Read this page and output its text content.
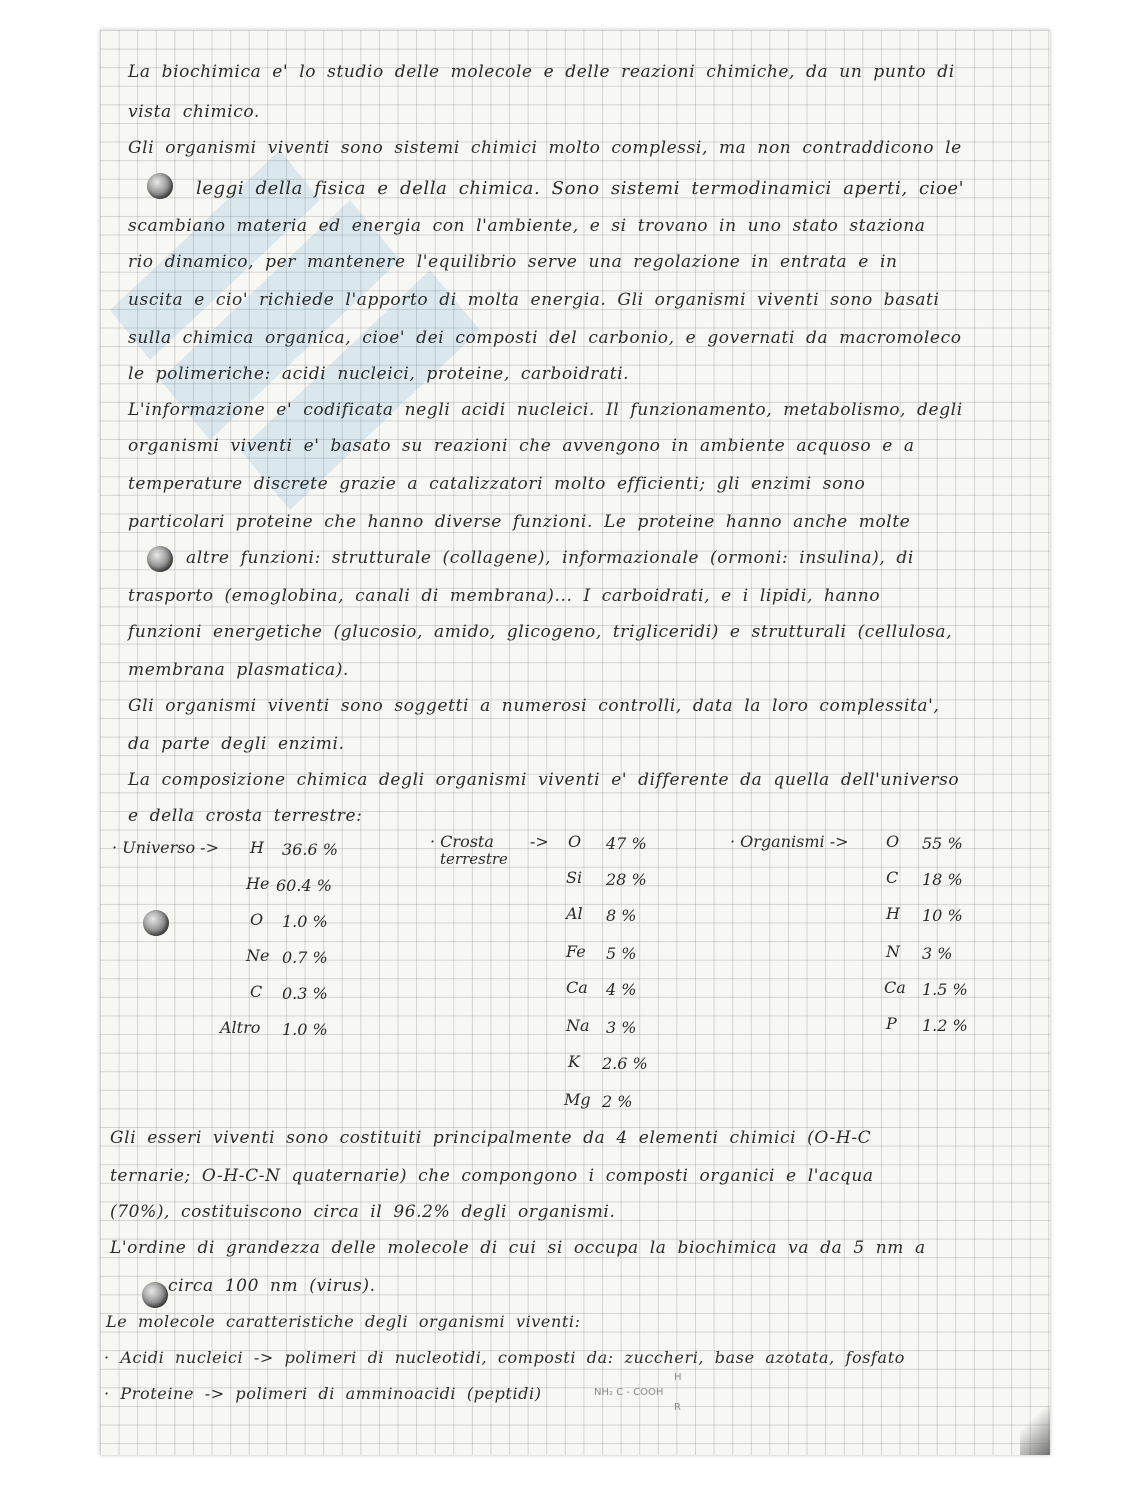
La biochimica e' lo studio delle molecole e delle reazioni chimiche, da un punto di
vista chimico.
Gli organismi viventi sono sistemi chimici molto complessi, ma non contraddicono le
leggi della fisica e della chimica. Sono sistemi termodinamici aperti, cioe'
scambiano materia ed energia con l'ambiente, e si trovano in uno stato staziona
rio dinamico, per mantenere l'equilibrio serve una regolazione in entrata e in
uscita e cio' richiede l'apporto di molta energia. Gli organismi viventi sono basati
sulla chimica organica, cioe' dei composti del carbonio, e governati da macromoleco
le polimeriche: acidi nucleici, proteine, carboidrati.
L'informazione e' codificata negli acidi nucleici. Il funzionamento, metabolismo, degli
organismi viventi e' basato su reazioni che avvengono in ambiente acquoso e a
temperature discrete grazie a catalizzatori molto efficienti; gli enzimi sono
particolari proteine che hanno diverse funzioni. Le proteine hanno anche molte
altre funzioni: strutturale (collagene), informazionale (ormoni: insulina), di
trasporto (emoglobina, canali di membrana)... I carboidrati, e i lipidi, hanno
funzioni energetiche (glucosio, amido, glicogeno, trigliceridi) e strutturali (cellulosa,
membrana plasmatica).
Gli organismi viventi sono soggetti a numerosi controlli, data la loro complessita',
da parte degli enzimi.
La composizione chimica degli organismi viventi e' differente da quella dell'universo
e della crosta terrestre:
· Universo -> H 36.6 %
He 60.4 %
O 1.0 %
Ne 0.7 %
C 0.3 %
Altro 1.0 %
· Crosta
terrestre
-> O 47 %
Si 28 %
Al 8 %
Fe 5 %
Ca 4 %
Na 3 %
K 2.6 %
Mg 2 %
· Organismi -> O 55 %
C 18 %
H 10 %
N 3 %
Ca 1.5 %
P 1.2 %
Gli esseri viventi sono costituiti principalmente da 4 elementi chimici (O-H-C
ternarie; O-H-C-N quaternarie) che compongono i composti organici e l'acqua
(70%), costituiscono circa il 96.2% degli organismi.
L'ordine di grandezza delle molecole di cui si occupa la biochimica va da 5 nm a
circa 100 nm (virus).
Le molecole caratteristiche degli organismi viventi:
· Acidi nucleici -> polimeri di nucleotidi, composti da: zuccheri, base azotata, fosfato
· Proteine -> polimeri di amminoacidi (peptidi)
H
NH₂ C - COOH
R
